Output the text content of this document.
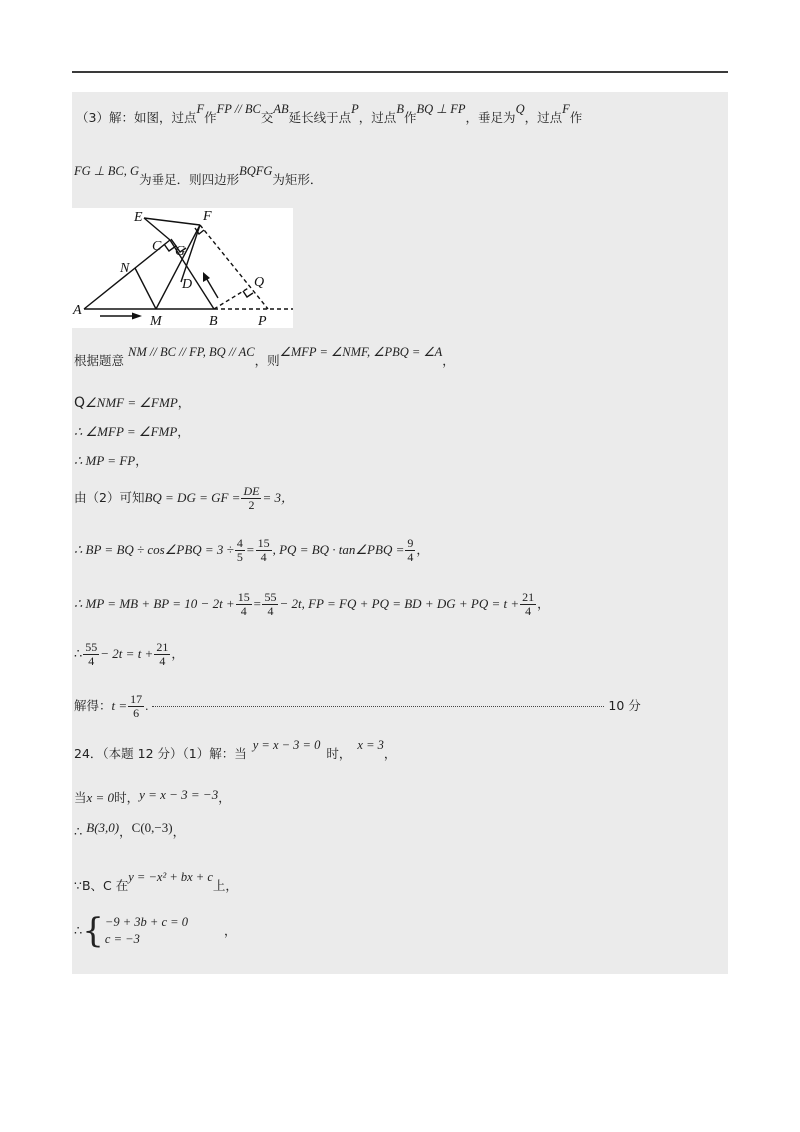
（3）解：如图，过点F作FP // BC交AB延长线于点P，过点B作BQ ⊥ FP，垂足为Q，过点F作
FG ⊥ BC, G为垂足．则四边形BQFG为矩形．
E	F
C G
N
D	Q
A
M	B	P
根据题意NM // BC // FP, BQ // AC，则∠MFP = ∠NMF, ∠PBQ = ∠A，
Q∠NMF = ∠FMP，
∴ ∠MFP = ∠FMP，
∴ MP = FP，
由（2）可知BQ = DG = GF = $\frac{DE}{2} = 3$，
∴ BP = BQ ÷ cos∠PBQ = $3 \div \frac{4}{5} = \frac{15}{4}$ , PQ = BQ · tan∠PBQ = $\frac{9}{4}$ ，
∴ MP = MB + BP = $10 - 2t + \frac{15}{4} = \frac{55}{4} - 2t$, FP = FQ + PQ = BD + DG + PQ = $t + \frac{21}{4}$ ，
∴ $\frac{55}{4} - 2t = t + \frac{21}{4}$ ，
解得：$t = \frac{17}{6}$ .	10 分
24．（本题 12 分）（1）解：当y = x − 3 = 0时，x = 3，
当x = 0时，y = x − 3 = −3，
∴ B(3,0)，C(0,−3)，
∵B、C 在y = −x² + bx + c上，
∴{ −9 + 3b + c = 0
c = −3
，
